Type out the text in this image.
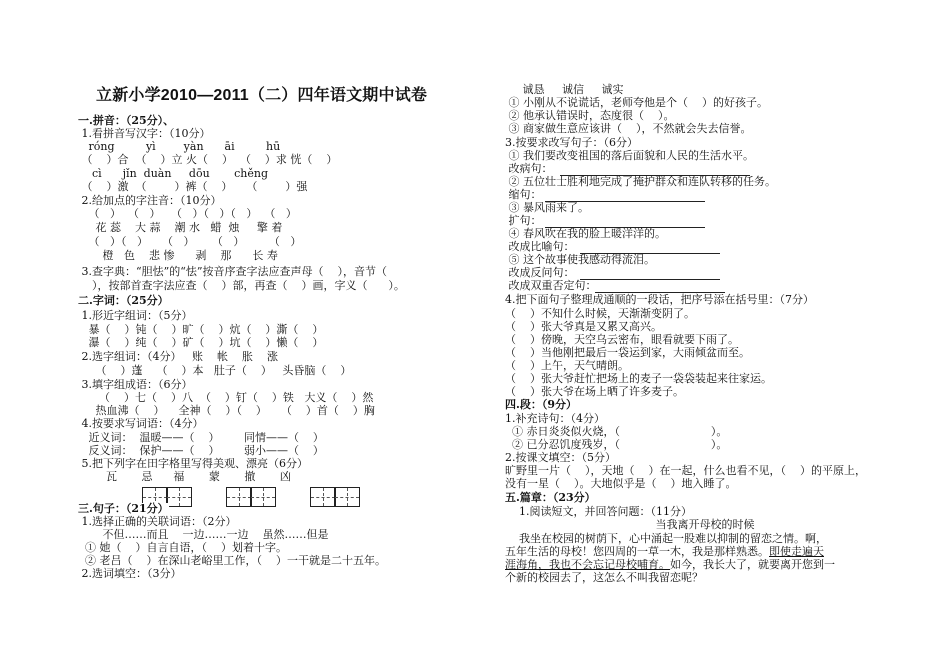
立新小学2010—2011（二）四年语文期中试卷
一.拼音：（25分）、
1.看拼音写汉字：（10分）
róng         yì        yàn      āi         hū
（    ）合  （    ）立 火（    ）  （    ）求 恍（    ）
cì      jǐn  duàn     dōu       chěng
（    ）激  （        ）裤（    ）    （        ）强
2.给加点的字注音：（10分）
（   ）  （   ）   （   ）（   ）（   ）  （   ）
花 蕊    大 蒜    潮 水   蜡  烛     擎 着
（   ）（   ）    （   ）     （   ）       （   ）
橙   色    悲 惨      剥    那      长 寿
3.查字典：“胆怯”的“怯”按音序查字法应查声母（    ），音节（
），按部首查字法应查（    ）部，再查（    ）画，字义（      ）。
二.字词：（25分）
1.形近字组词：（5分）
暴（    ）钝（    ）旷（    ）炕（    ）澌（    ）
瀑（    ）纯（    ）矿（    ）坑（    ）懒（    ）
2.选字组词：（4分）   账    帐    胀    涨
（    ）蓬    （    ）本   肚子（    ）   头昏脑（    ）
3.填字组成语：（6分）
（    ）七（    ）八  （    ）钉（    ）铁   大义（    ）然
热血沸（    ）    全神（    ）（    ）    （    ）首（    ）胸
4.按要求写词语：（4分）
近义词：  温暖——（    ）       同情——（    ）
反义词：  保护——（    ）       弱小——（    ）
5.把下列字在田字格里写得美观、漂亮（6分）
瓦       忌      福       蒙       撤       凶
三.句子：（21分）
1.选择正确的关联词语：（2分）
不但……而且    一边……一边    虽然……但是
① 她（    ）自言自语，（    ）划着十字。
② 老吕（    ）在深山老峪里工作，（    ）一干就是二十五年。
2.选词填空：（3分）
诚恳     诚信     诚实
① 小刚从不说谎话，老师夸他是个（    ）的好孩子。
② 他承认错误时，态度很（    ）。
③ 商家做生意应该讲（    ），不然就会失去信誉。
3.按要求改写句子：（6分）
① 我们要改变祖国的落后面貌和人民的生活水平。
改病句：
② 五位壮士胜利地完成了掩护群众和连队转移的任务。
缩句：
③ 暴风雨来了。
扩句：
④ 春风吹在我的脸上暖洋洋的。
改成比喻句：
⑤ 这个故事使我感动得流泪。
改成反问句：
改成双重否定句：
4.把下面句子整理成通顺的一段话，把序号添在括号里：（7分）
（    ）不知什么时候，天渐渐变阴了。
（    ）张大爷真是又累又高兴。
（    ）傍晚，天空乌云密布，眼看就要下雨了。
（    ）当他刚把最后一袋运到家，大雨倾盆而至。
（    ）上午，天气晴朗。
（    ）张大爷赶忙把场上的麦子一袋袋装起来往家运。
（    ）张大爷在场上晒了许多麦子。
四.段：（9分）
1.补充诗句：（4分）
① 赤日炎炎似火烧，（                          ）。
② 已分忍饥度残岁，（                          ）。
2.按课文填空：（5分）
旷野里一片（    ），天地（    ）在一起，什么也看不见，（    ）的平原上，
没有一星（    ）。大地似乎是（    ）地入睡了。
五.篇章：（23分）
1.阅读短文，并回答问题：（11分）
当我离开母校的时候
我坐在校园的树荫下，心中涌起一股难以抑制的留恋之情。啊，
五年生活的母校！您四周的一草一木，我是那样熟悉。即使走遍天
涯海角，我也不会忘记母校哺育。如今，我长大了，就要离开您到一
个新的校园去了，这怎么不叫我留恋呢？
